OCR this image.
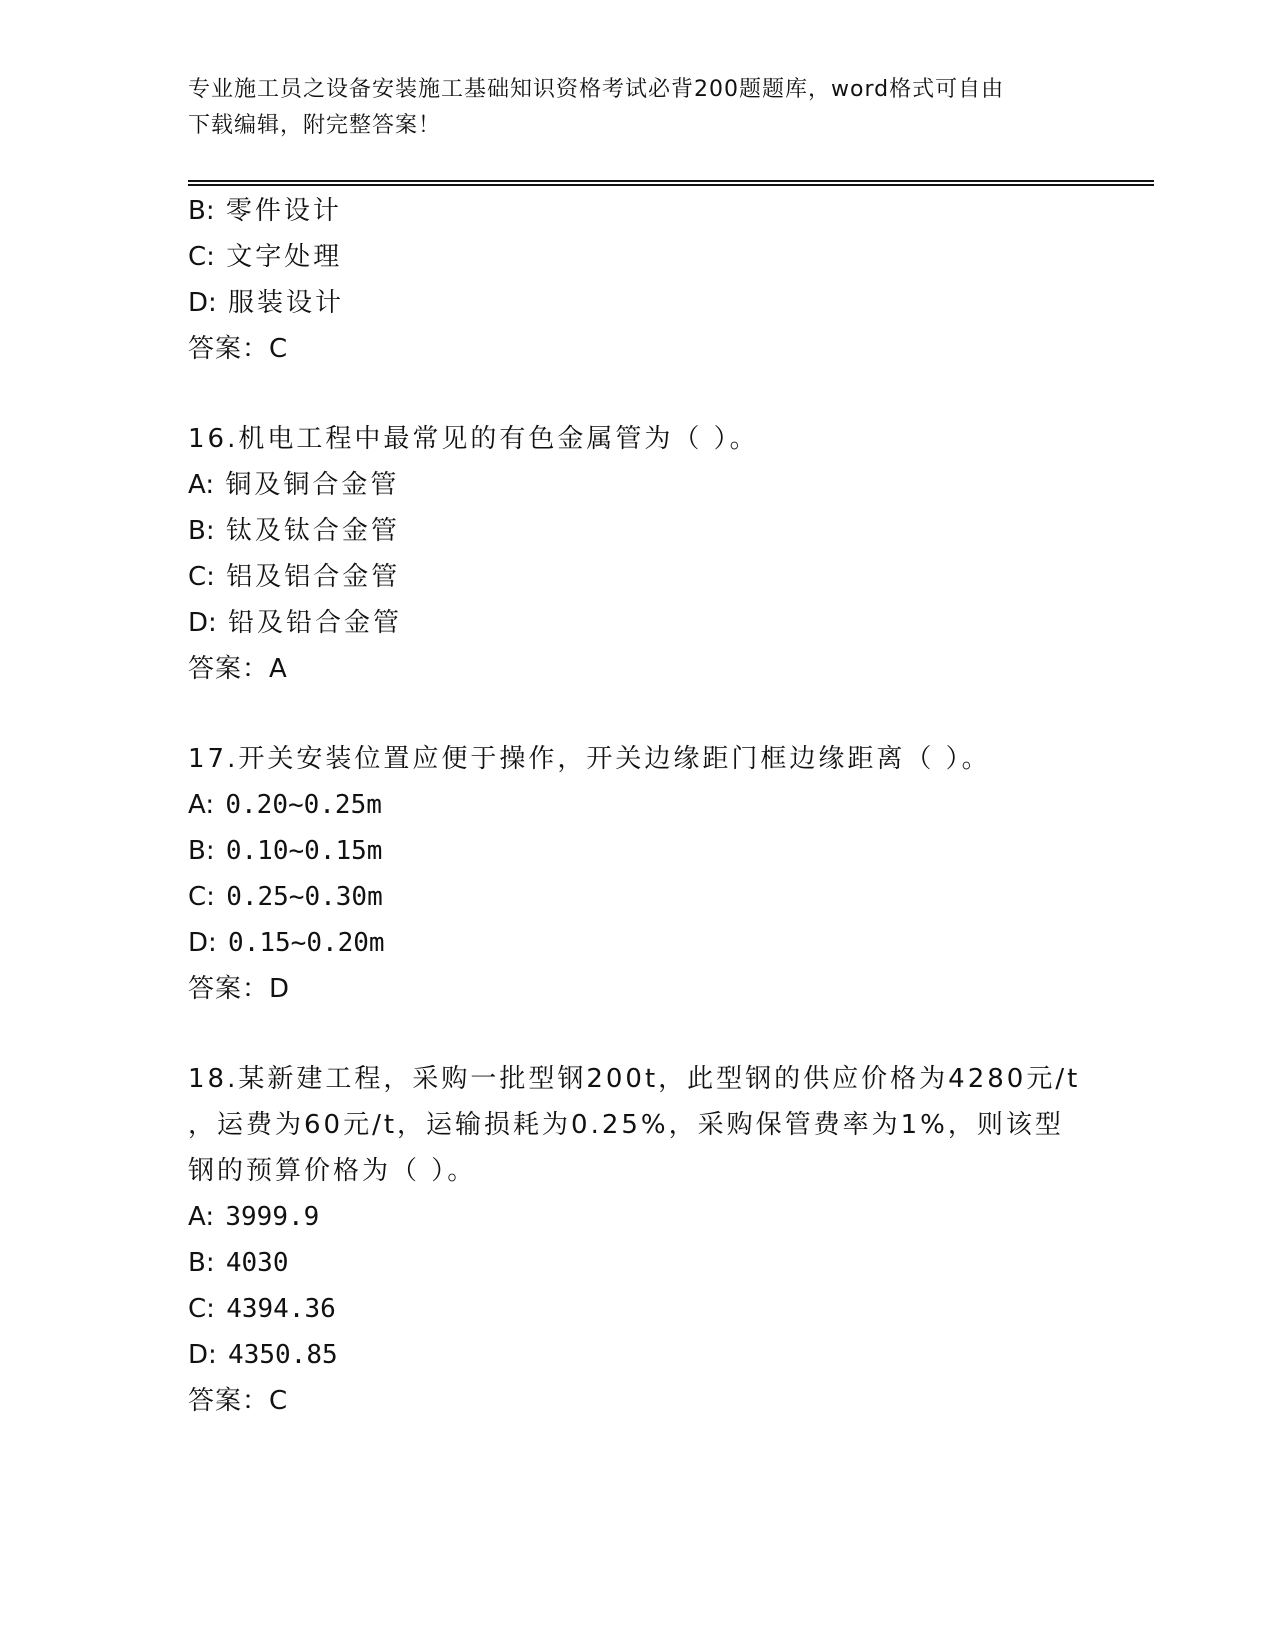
专业施工员之设备安装施工基础知识资格考试必背200题题库，word格式可自由
下载编辑，附完整答案！
B: 零件设计
C: 文字处理
D: 服装设计
答案：C
16.机电工程中最常见的有色金属管为（ ）。
A: 铜及铜合金管
B: 钛及钛合金管
C: 铝及铝合金管
D: 铅及铅合金管
答案：A
17.开关安装位置应便于操作，开关边缘距门框边缘距离（ ）。
A: 0.20~0.25m
B: 0.10~0.15m
C: 0.25~0.30m
D: 0.15~0.20m
答案：D
18.某新建工程，采购一批型钢200t，此型钢的供应价格为4280元/t
，运费为60元/t，运输损耗为0.25%，采购保管费率为1%，则该型
钢的预算价格为（ ）。
A: 3999.9
B: 4030
C: 4394.36
D: 4350.85
答案：C
